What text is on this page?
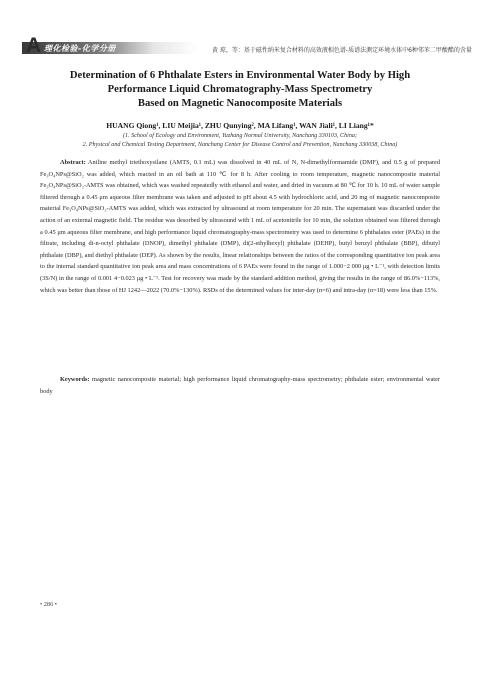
A 理化检验-化学分册	黄 琼，等：基于磁性纳米复合材料的高效液相色谱-质谱法测定环境水体中6种邻苯二甲酸酯的含量
Determination of 6 Phthalate Esters in Environmental Water Body by High
Performance Liquid Chromatography-Mass Spectrometry
Based on Magnetic Nanocomposite Materials
HUANG Qiong¹, LIU Meijia¹, ZHU Qunying², MA Lifang¹, WAN Jiali¹, LI Liang¹*
(1. School of Ecology and Environment, Yuzhang Normal University, Nanchang 330103, China;
2. Physical and Chemical Testing Department, Nanchang Center for Disease Control and Prevention, Nanchang 330038, China)
Abstract: Aniline methyl triethoxysilane (AMTS, 0.1 mL) was dissolved in 40 mL of N, N-dimethylformamide (DMF), and 0.5 g of prepared Fe₃O₄NPs@SiO₂ was added, which reacted in an oil bath at 110 ℃ for 8 h. After cooling to room temperature, magnetic nanocomposite material Fe₃O₄NPs@SiO₂-AMTS was obtained, which was washed repeatedly with ethanol and water, and dried in vacuum at 80 ℃ for 10 h. 10 mL of water sample filtered through a 0.45 μm aqueous filter membrane was taken and adjusted to pH about 4.5 with hydrochloric acid, and 20 mg of magnetic nanocomposite material Fe₃O₄NPs@SiO₂-AMTS was added, which was extracted by ultrasound at room temperature for 20 min. The supernatant was discarded under the action of an external magnetic field. The residue was desorbed by ultrasound with 1 mL of acetonitrile for 10 min, the solution obtained was filtered through a 0.45 μm aqueous filter membrane, and high performance liquid chromatography-mass spectrometry was used to determine 6 phthalates ester (PAEs) in the filtrate, including di-n-octyl phthalate (DNOP), dimethyl phthalate (DMP), di(2-ethylhexyl) phthalate (DEHP), butyl benzyl phthalate (BBP), dibutyl phthalate (DBP), and diethyl phthalate (DEP). As shown by the results, linear relationships between the ratios of the corresponding quantitative ion peak area to the internal standard quantitative ion peak area and mass concentrations of 6 PAEs were found in the range of 1.000−2 000 μg • L⁻¹, with detection limits (3S/N) in the range of 0.001 4−0.023 μg • L⁻¹. Test for recovery was made by the standard addition method, giving the results in the range of 86.0%−113%, which was better than those of HJ 1242—2022 (70.0%−130%). RSDs of the determined values for inter-day (n=6) and intra-day (n=18) were less than 15%.
Keywords: magnetic nanocomposite material; high performance liquid chromatography-mass spectrometry; phthalate ester; environmental water body
• 286 •
